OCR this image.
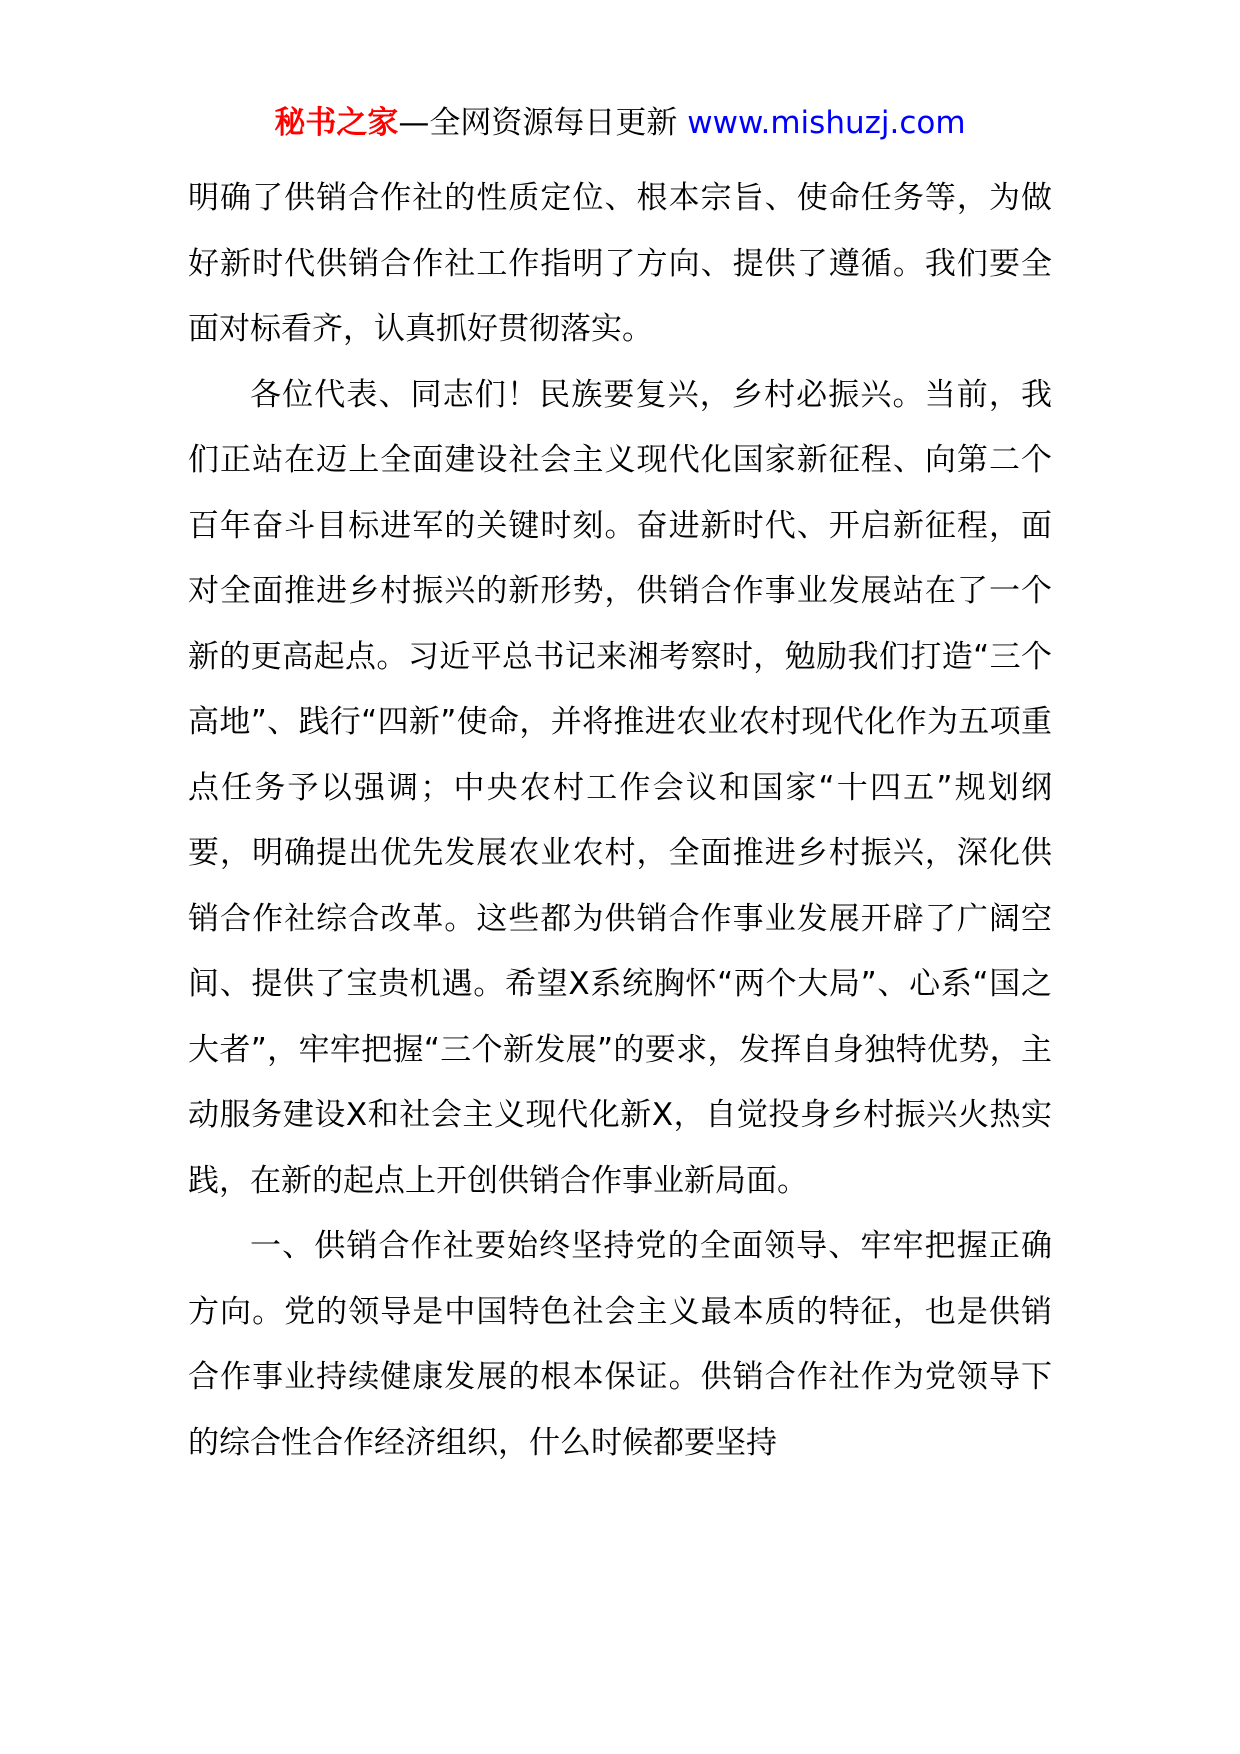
秘书之家—全网资源每日更新 www.mishuzj.com

明确了供销合作社的性质定位、根本宗旨、使命任务等，为做好新时代供销合作社工作指明了方向、提供了遵循。我们要全面对标看齐，认真抓好贯彻落实。

各位代表、同志们！民族要复兴，乡村必振兴。当前，我们正站在迈上全面建设社会主义现代化国家新征程、向第二个百年奋斗目标进军的关键时刻。奋进新时代、开启新征程，面对全面推进乡村振兴的新形势，供销合作事业发展站在了一个新的更高起点。习近平总书记来湘考察时，勉励我们打造“三个高地”、践行“四新”使命，并将推进农业农村现代化作为五项重点任务予以强调；中央农村工作会议和国家“十四五”规划纲要，明确提出优先发展农业农村，全面推进乡村振兴，深化供销合作社综合改革。这些都为供销合作事业发展开辟了广阔空间、提供了宝贵机遇。希望X系统胸怀“两个大局”、心系“国之大者”，牢牢把握“三个新发展”的要求，发挥自身独特优势，主动服务建设X和社会主义现代化新X，自觉投身乡村振兴火热实践，在新的起点上开创供销合作事业新局面。

一、供销合作社要始终坚持党的全面领导、牢牢把握正确方向。党的领导是中国特色社会主义最本质的特征，也是供销合作事业持续健康发展的根本保证。供销合作社作为党领导下的综合性合作经济组织，什么时候都要坚持
